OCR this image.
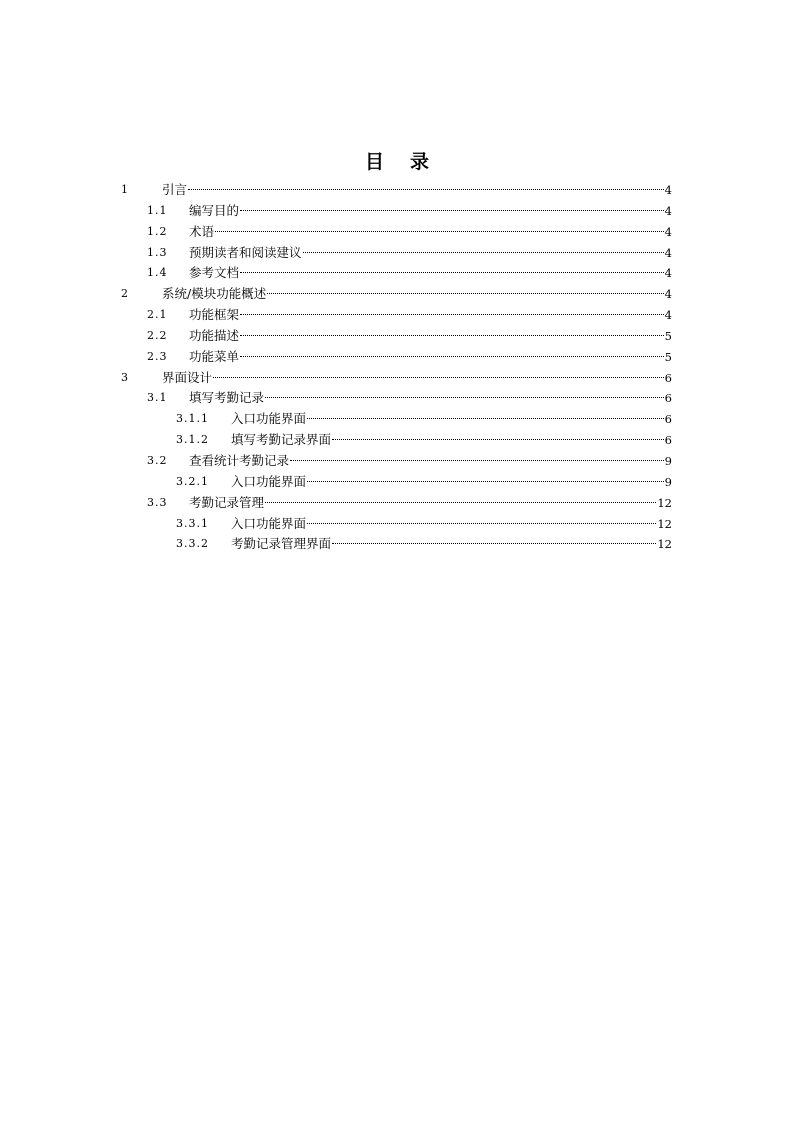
目 录
1	引言	4
1.1 编写目的	4
1.2 术语	4
1.3 预期读者和阅读建议	4
1.4 参考文档	4
2	系统/模块功能概述	4
2.1 功能框架	4
2.2 功能描述	5
2.3 功能菜单	5
3	界面设计	6
3.1 填写考勤记录	6
3.1.1 入口功能界面	6
3.1.2 填写考勤记录界面	6
3.2 查看统计考勤记录	9
3.2.1 入口功能界面	9
3.3 考勤记录管理	12
3.3.1 入口功能界面	12
3.3.2 考勤记录管理界面	12
